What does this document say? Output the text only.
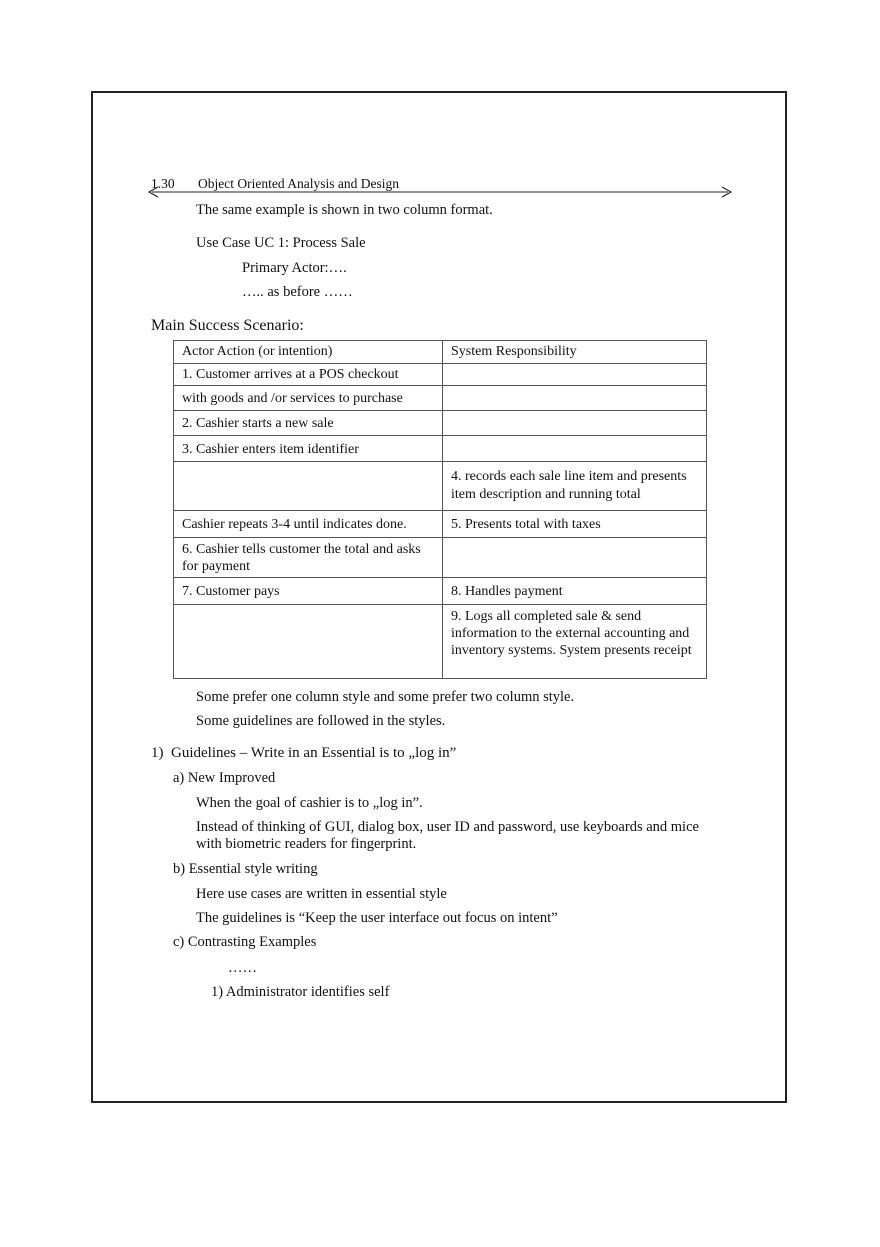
1.30 Object Oriented Analysis and Design
The same example is shown in two column format.
Use Case UC 1: Process Sale
Primary Actor:….
….. as before ……
Main Success Scenario:
Actor Action (or intention)	System Responsibility
1. Customer arrives at a POS checkout	
with goods and /or services to purchase	
2. Cashier starts a new sale	
3. Cashier enters item identifier	
	4. records each sale line item and presents item description and running total
Cashier repeats 3-4 until indicates done.	5. Presents total with taxes
6. Cashier tells customer the total and asks for payment	
7. Customer pays	8. Handles payment
	9. Logs all completed sale & send information to the external accounting and inventory systems. System presents receipt
Some prefer one column style and some prefer two column style.
Some guidelines are followed in the styles.
1) Guidelines – Write in an Essential is to „log in”
a) New Improved
When the goal of cashier is to „log in”.
Instead of thinking of GUI, dialog box, user ID and password, use keyboards and mice with biometric readers for fingerprint.
b) Essential style writing
Here use cases are written in essential style
The guidelines is “Keep the user interface out focus on intent”
c) Contrasting Examples
……
1) Administrator identifies self
